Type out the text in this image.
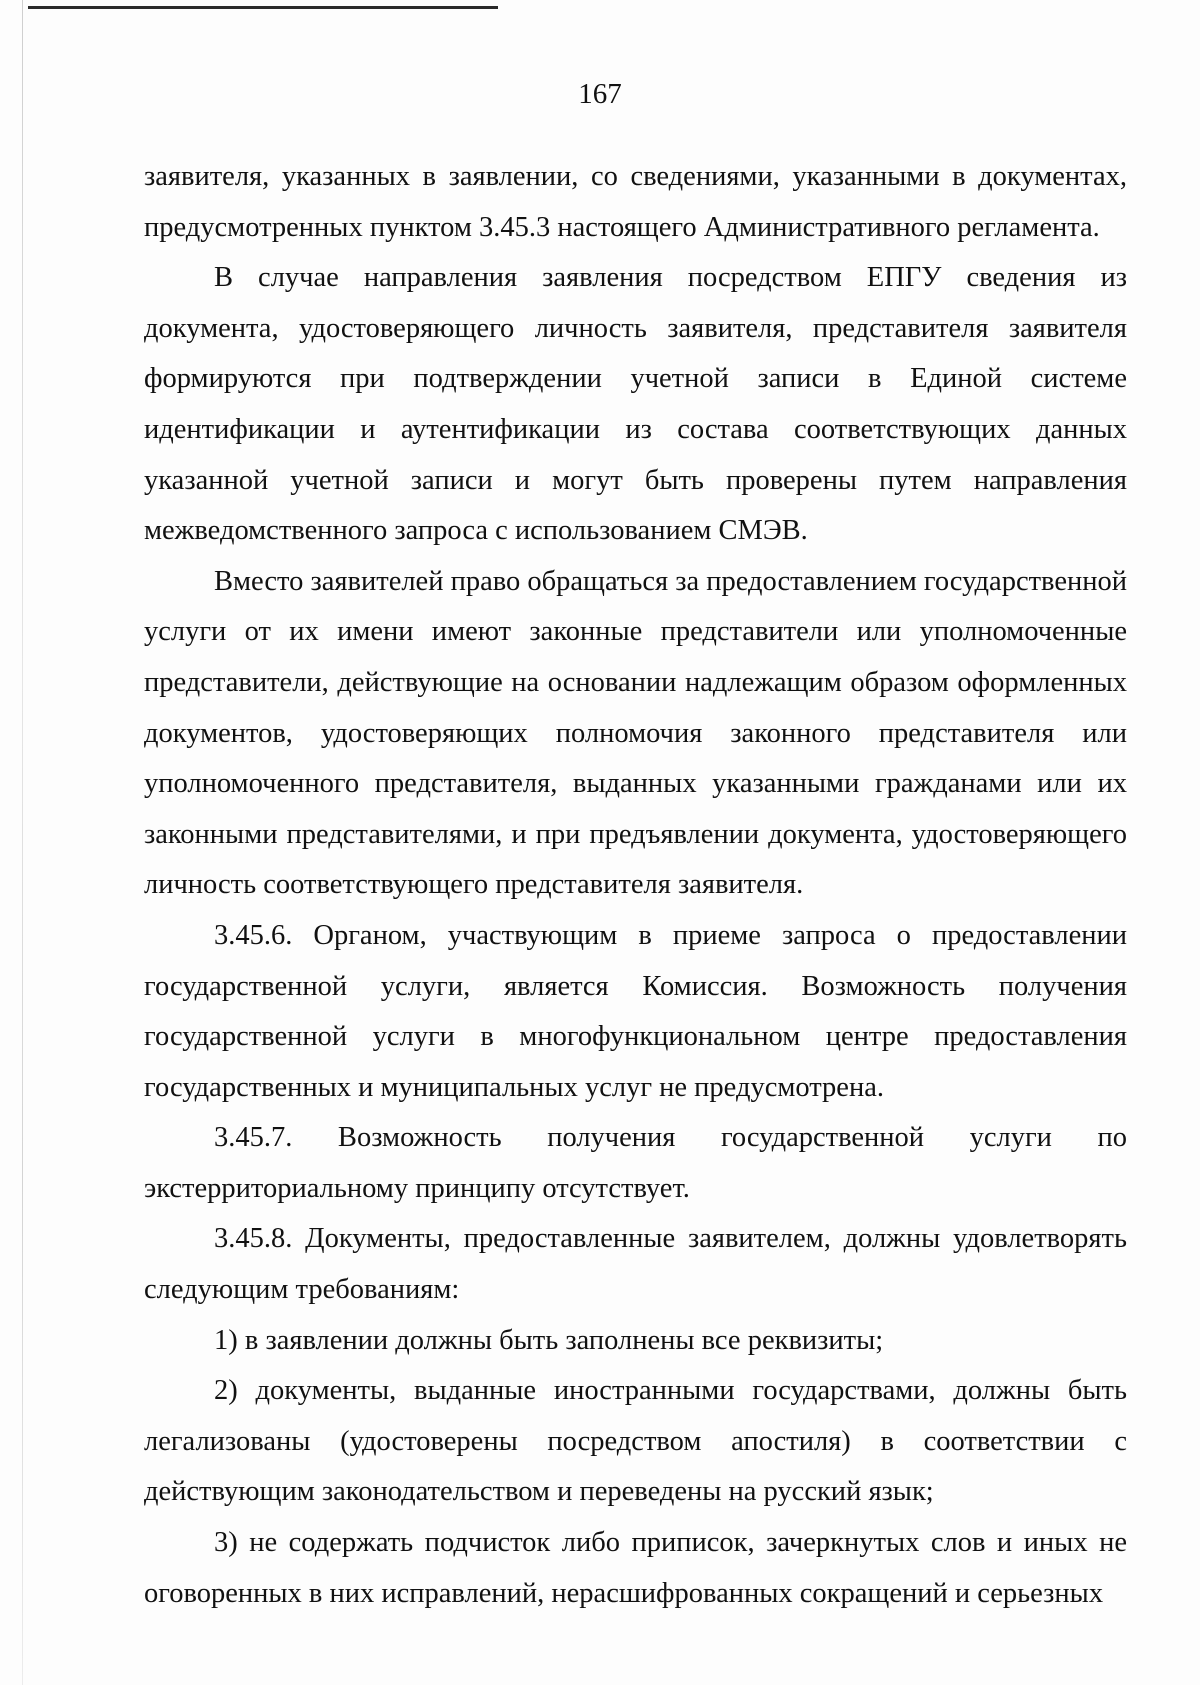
167

заявителя, указанных в заявлении, со сведениями, указанными в документах, предусмотренных пунктом 3.45.3 настоящего Административного регламента.

В случае направления заявления посредством ЕПГУ сведения из документа, удостоверяющего личность заявителя, представителя заявителя формируются при подтверждении учетной записи в Единой системе идентификации и аутентификации из состава соответствующих данных указанной учетной записи и могут быть проверены путем направления межведомственного запроса с использованием СМЭВ.

Вместо заявителей право обращаться за предоставлением государственной услуги от их имени имеют законные представители или уполномоченные представители, действующие на основании надлежащим образом оформленных документов, удостоверяющих полномочия законного представителя или уполномоченного представителя, выданных указанными гражданами или их законными представителями, и при предъявлении документа, удостоверяющего личность соответствующего представителя заявителя.

3.45.6. Органом, участвующим в приеме запроса о предоставлении государственной услуги, является Комиссия. Возможность получения государственной услуги в многофункциональном центре предоставления государственных и муниципальных услуг не предусмотрена.

3.45.7. Возможность получения государственной услуги по экстерриториальному принципу отсутствует.

3.45.8. Документы, предоставленные заявителем, должны удовлетворять следующим требованиям:

1) в заявлении должны быть заполнены все реквизиты;

2) документы, выданные иностранными государствами, должны быть легализованы (удостоверены посредством апостиля) в соответствии с действующим законодательством и переведены на русский язык;

3) не содержать подчисток либо приписок, зачеркнутых слов и иных не оговоренных в них исправлений, нерасшифрованных сокращений и серьезных
